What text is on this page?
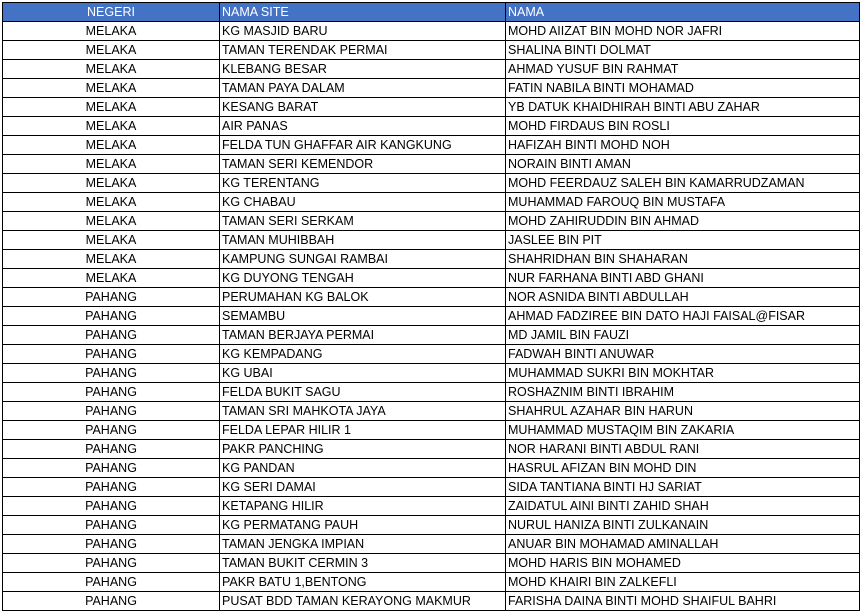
NEGERI	NAMA SITE	NAMA
MELAKA	KG MASJID BARU	MOHD AIIZAT BIN MOHD NOR JAFRI
MELAKA	TAMAN TERENDAK PERMAI	SHALINA BINTI DOLMAT
MELAKA	KLEBANG BESAR	AHMAD YUSUF BIN RAHMAT
MELAKA	TAMAN PAYA DALAM	FATIN NABILA BINTI MOHAMAD
MELAKA	KESANG BARAT	YB DATUK KHAIDHIRAH BINTI ABU ZAHAR
MELAKA	AIR PANAS	MOHD FIRDAUS BIN ROSLI
MELAKA	FELDA TUN GHAFFAR AIR KANGKUNG	HAFIZAH BINTI MOHD NOH
MELAKA	TAMAN SERI KEMENDOR	NORAIN BINTI AMAN
MELAKA	KG TERENTANG	MOHD FEERDAUZ SALEH BIN KAMARRUDZAMAN
MELAKA	KG CHABAU	MUHAMMAD FAROUQ BIN MUSTAFA
MELAKA	TAMAN SERI SERKAM	MOHD ZAHIRUDDIN BIN AHMAD
MELAKA	TAMAN MUHIBBAH	JASLEE BIN PIT
MELAKA	KAMPUNG SUNGAI RAMBAI	SHAHRIDHAN BIN SHAHARAN
MELAKA	KG DUYONG TENGAH	NUR FARHANA BINTI ABD GHANI
PAHANG	PERUMAHAN KG BALOK	NOR ASNIDA BINTI ABDULLAH
PAHANG	SEMAMBU	AHMAD FADZIREE BIN DATO HAJI FAISAL@FISAR
PAHANG	TAMAN BERJAYA PERMAI	MD JAMIL BIN FAUZI
PAHANG	KG KEMPADANG	FADWAH BINTI ANUWAR
PAHANG	KG UBAI	MUHAMMAD SUKRI BIN MOKHTAR
PAHANG	FELDA BUKIT SAGU	ROSHAZNIM BINTI IBRAHIM
PAHANG	TAMAN SRI MAHKOTA JAYA	SHAHRUL AZAHAR BIN HARUN
PAHANG	FELDA LEPAR HILIR 1	MUHAMMAD MUSTAQIM BIN ZAKARIA
PAHANG	PAKR PANCHING	NOR HARANI BINTI ABDUL RANI
PAHANG	KG PANDAN	HASRUL AFIZAN BIN MOHD DIN
PAHANG	KG SERI DAMAI	SIDA TANTIANA BINTI HJ SARIAT
PAHANG	KETAPANG HILIR	ZAIDATUL AINI BINTI ZAHID SHAH
PAHANG	KG PERMATANG PAUH	NURUL HANIZA BINTI ZULKANAIN
PAHANG	TAMAN JENGKA IMPIAN	ANUAR BIN MOHAMAD AMINALLAH
PAHANG	TAMAN BUKIT CERMIN 3	MOHD HARIS BIN MOHAMED
PAHANG	PAKR BATU 1,BENTONG	MOHD KHAIRI BIN ZALKEFLI
PAHANG	PUSAT BDD TAMAN KERAYONG MAKMUR	FARISHA DAINA BINTI MOHD SHAIFUL BAHRI
